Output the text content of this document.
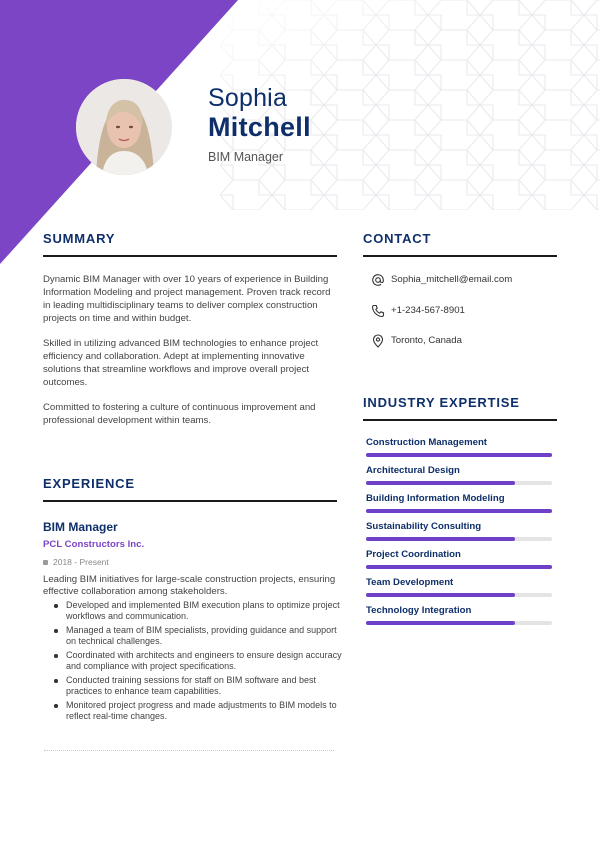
Sophia
Mitchell
BIM Manager
SUMMARY

Dynamic BIM Manager with over 10 years of experience in Building Information Modeling and project management. Proven track record in leading multidisciplinary teams to deliver complex construction projects on time and within budget.

Skilled in utilizing advanced BIM technologies to enhance project efficiency and collaboration. Adept at implementing innovative solutions that streamline workflows and improve overall project outcomes.

Committed to fostering a culture of continuous improvement and professional development within teams.

EXPERIENCE
BIM Manager
PCL Constructors Inc.
2018 - Present
Leading BIM initiatives for large-scale construction projects, ensuring effective collaboration among stakeholders.
Developed and implemented BIM execution plans to optimize project workflows and communication.
Managed a team of BIM specialists, providing guidance and support on technical challenges.
Coordinated with architects and engineers to ensure design accuracy and compliance with project specifications.
Conducted training sessions for staff on BIM software and best practices to enhance team capabilities.
Monitored project progress and made adjustments to BIM models to reflect real-time changes.
CONTACT
Sophia_mitchell@email.com
+1-234-567-8901
Toronto, Canada
INDUSTRY EXPERTISE
Construction Management
Architectural Design
Building Information Modeling
Sustainability Consulting
Project Coordination
Team Development
Technology Integration
